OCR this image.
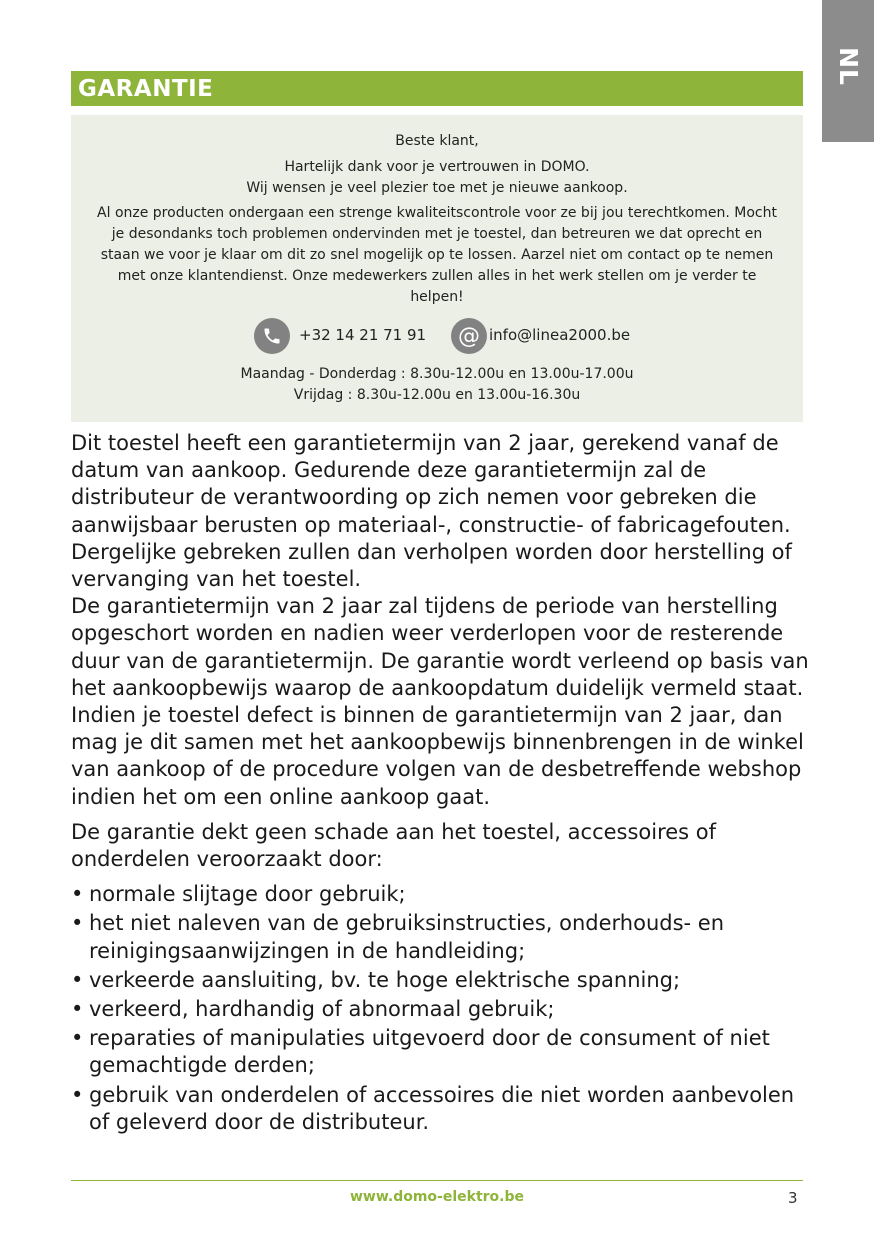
NL
GARANTIE
Beste klant,
Hartelijk dank voor je vertrouwen in DOMO.
Wij wensen je veel plezier toe met je nieuwe aankoop.
Al onze producten ondergaan een strenge kwaliteitscontrole voor ze bij jou terechtkomen. Mocht je desondanks toch problemen ondervinden met je toestel, dan betreuren we dat oprecht en staan we voor je klaar om dit zo snel mogelijk op te lossen. Aarzel niet om contact op te nemen met onze klantendienst. Onze medewerkers zullen alles in het werk stellen om je verder te helpen!
+32 14 21 71 91	@ info@linea2000.be
Maandag - Donderdag : 8.30u-12.00u en 13.00u-17.00u
Vrijdag : 8.30u-12.00u en 13.00u-16.30u

Dit toestel heeft een garantietermijn van 2 jaar, gerekend vanaf de datum van aankoop. Gedurende deze garantietermijn zal de distributeur de verantwoording op zich nemen voor gebreken die aanwijsbaar berusten op materiaal-, constructie- of fabricagefouten. Dergelijke gebreken zullen dan verholpen worden door herstelling of vervanging van het toestel.

De garantietermijn van 2 jaar zal tijdens de periode van herstelling opgeschort worden en nadien weer verderlopen voor de resterende duur van de garantietermijn. De garantie wordt verleend op basis van het aankoopbewijs waarop de aankoopdatum duidelijk vermeld staat. Indien je toestel defect is binnen de garantietermijn van 2 jaar, dan mag je dit samen met het aankoopbewijs binnenbrengen in de winkel van aankoop of de procedure volgen van de desbetreffende webshop indien het om een online aankoop gaat.

De garantie dekt geen schade aan het toestel, accessoires of onderdelen veroorzaakt door:

• normale slijtage door gebruik;
• het niet naleven van de gebruiksinstructies, onderhouds- en reinigingsaanwijzingen in de handleiding;
• verkeerde aansluiting, bv. te hoge elektrische spanning;
• verkeerd, hardhandig of abnormaal gebruik;
• reparaties of manipulaties uitgevoerd door de consument of niet gemachtigde derden;
• gebruik van onderdelen of accessoires die niet worden aanbevolen of geleverd door de distributeur.
www.domo-elektro.be	3
